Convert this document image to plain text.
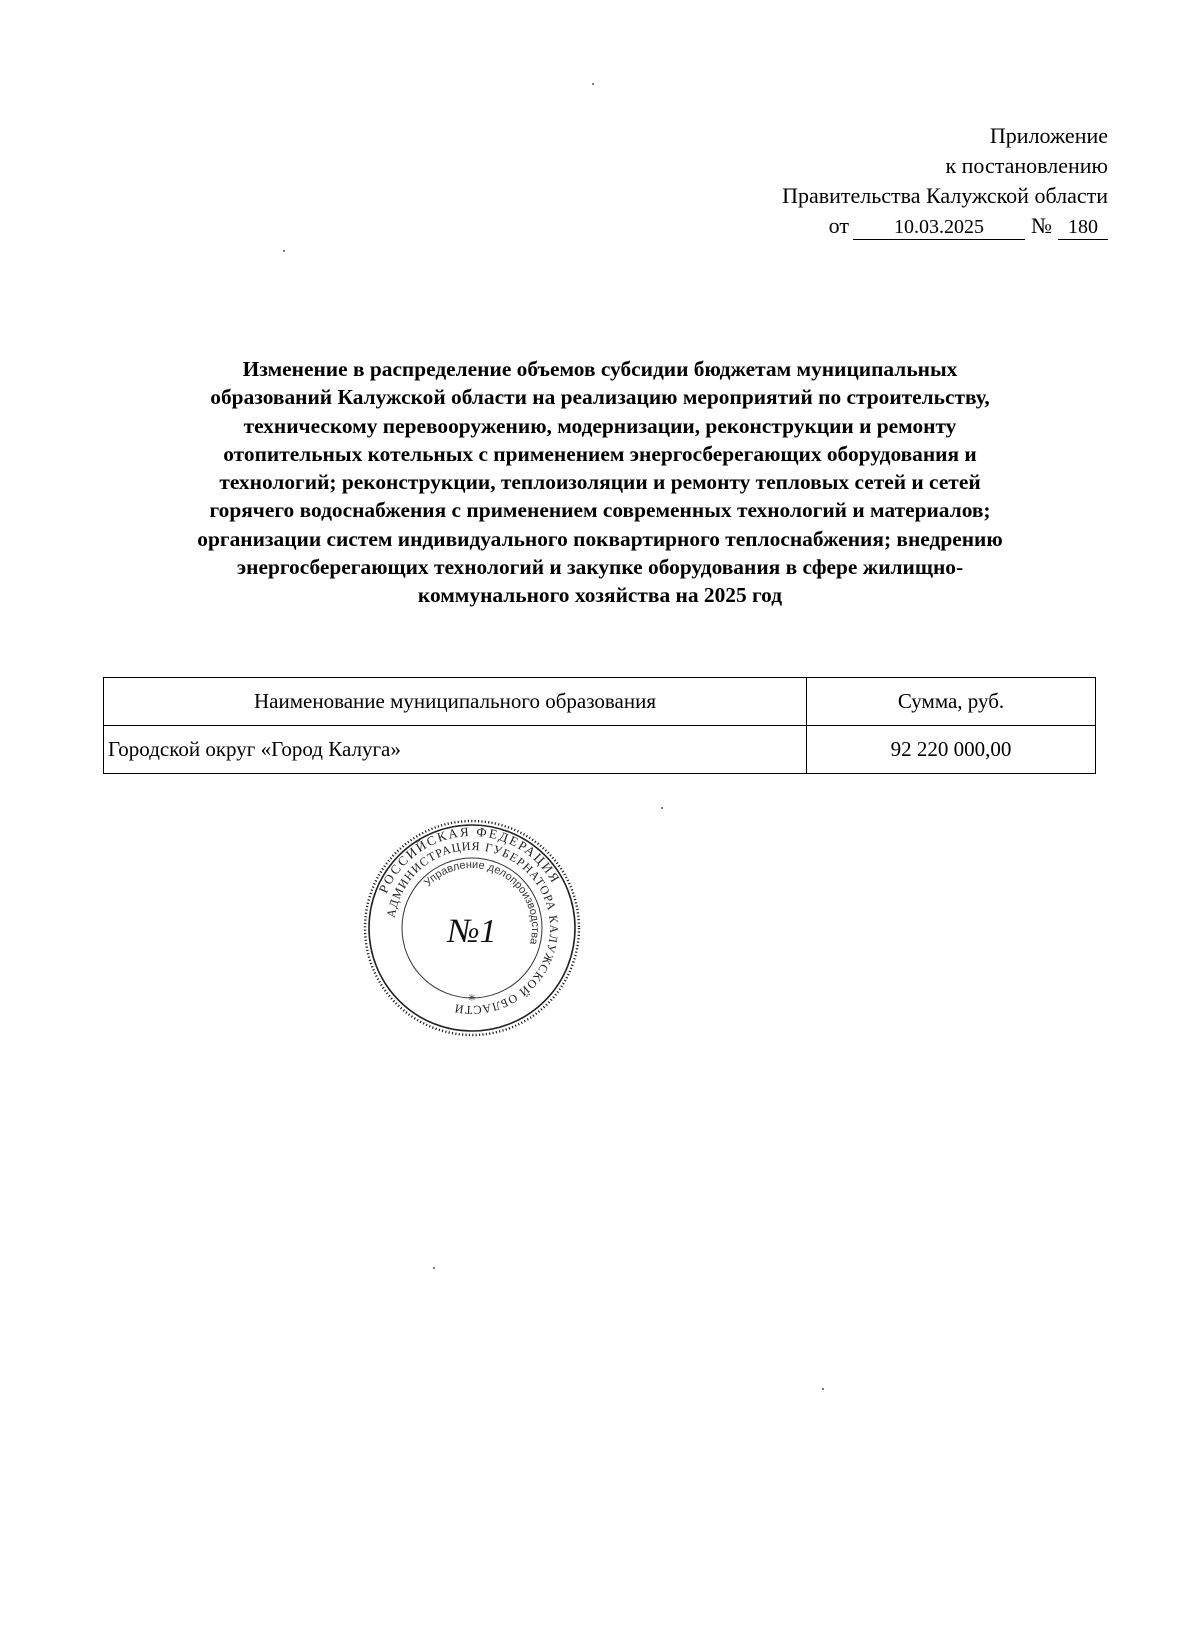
Приложение
к постановлению
Правительства Калужской области
от 10.03.2025 № 180
Изменение в распределение объемов субсидии бюджетам муниципальных
образований Калужской области на реализацию мероприятий по строительству,
техническому перевооружению, модернизации, реконструкции и ремонту
отопительных котельных с применением энергосберегающих оборудования и
технологий; реконструкции, теплоизоляции и ремонту тепловых сетей и сетей
горячего водоснабжения с применением современных технологий и материалов;
организации систем индивидуального поквартирного теплоснабжения; внедрению
энергосберегающих технологий и закупке оборудования в сфере жилищно-
коммунального хозяйства на 2025 год
Наименование муниципального образования	Сумма, руб.
Городской округ «Город Калуга»	92 220 000,00
РОССИЙСКАЯ ФЕДЕРАЦИЯ
АДМИНИСТРАЦИЯ ГУБЕРНАТОРА КАЛУЖСКОЙ ОБЛАСТИ
Управление делопроизводства
№1
✳
